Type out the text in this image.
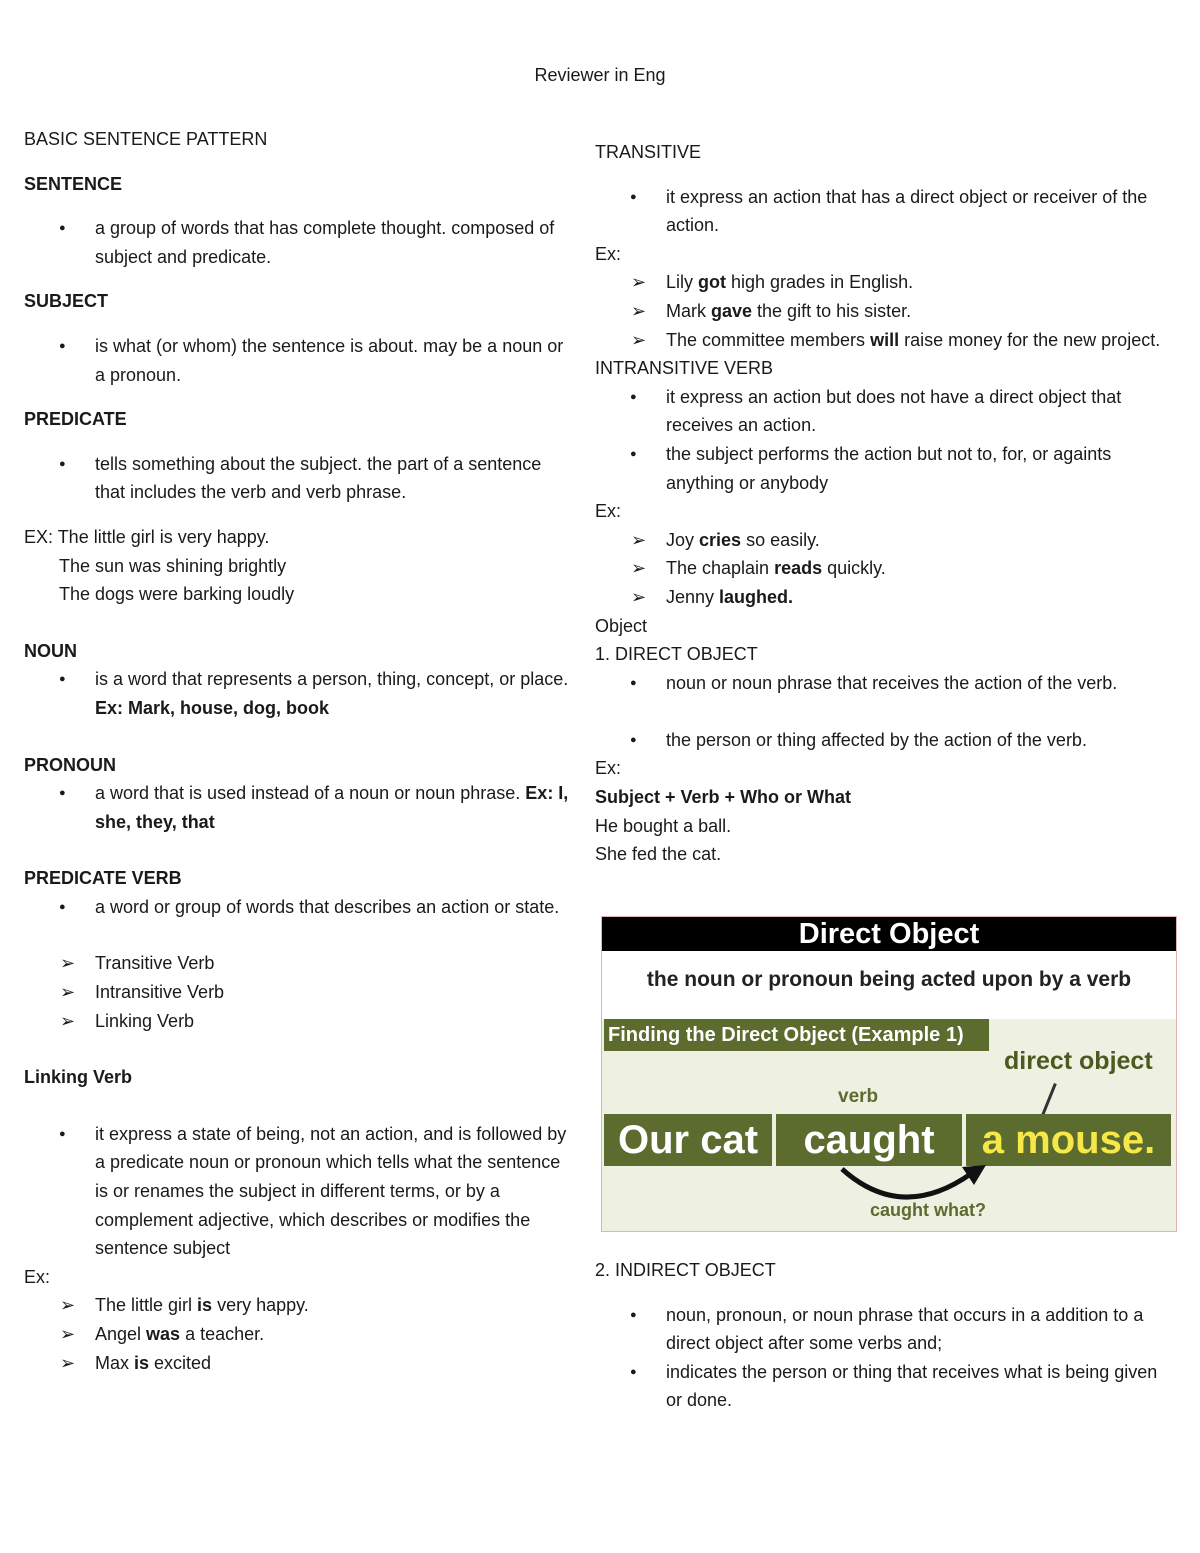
Reviewer in Eng

BASIC SENTENCE PATTERN

SENTENCE

● a group of words that has complete thought. composed of subject and predicate.

SUBJECT

● is what (or whom) the sentence is about. may be a noun or a pronoun.

PREDICATE

● tells something about the subject. the part of a sentence that includes the verb and verb phrase.

EX: The little girl is very happy.

The sun was shining brightly

The dogs were barking loudly

NOUN

● is a word that represents a person, thing, concept, or place. Ex: Mark, house, dog, book

PRONOUN

● a word that is used instead of a noun or noun phrase. Ex: I, she, they, that

PREDICATE VERB

● a word or group of words that describes an action or state.
➢ Transitive Verb
➢ Intransitive Verb
➢ Linking Verb

Linking Verb

● it express a state of being, not an action, and is followed by a predicate noun or pronoun which tells what the sentence is or renames the subject in different terms, or by a complement adjective, which describes or modifies the sentence subject

Ex:

➢ The little girl is very happy.
➢ Angel was a teacher.
➢ Max is excited

TRANSITIVE

● it express an action that has a direct object or receiver of the action.

Ex:

➢ Lily got high grades in English.
➢ Mark gave the gift to his sister.
➢ The committee members will raise money for the new project.

INTRANSITIVE VERB

● it express an action but does not have a direct object that receives an action.
● the subject performs the action but not to, for, or againts anything or anybody

Ex:

➢ Joy cries so easily.
➢ The chaplain reads quickly.
➢ Jenny laughed.

Object

1. DIRECT OBJECT

● noun or noun phrase that receives the action of the verb.
● the person or thing affected by the action of the verb.

Ex:

Subject + Verb + Who or What

He bought a ball.

She fed the cat.

Direct Object
the noun or pronoun being acted upon by a verb
Finding the Direct Object (Example 1)
direct object
verb
Our cat	caught	a mouse.
caught what?

2. INDIRECT OBJECT

● noun, pronoun, or noun phrase that occurs in a addition to a direct object after some verbs and;
● indicates the person or thing that receives what is being given or done.
